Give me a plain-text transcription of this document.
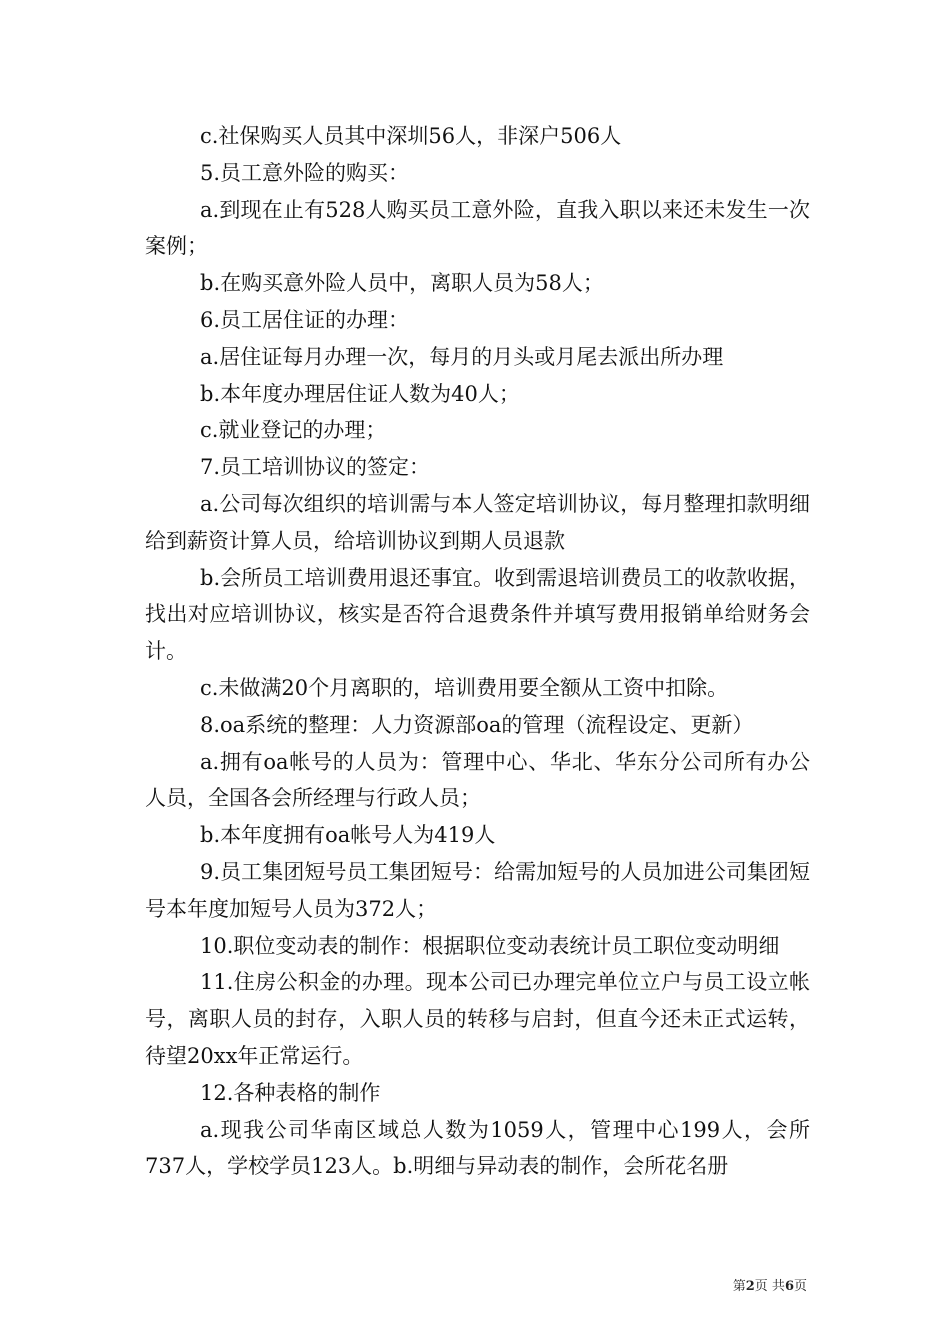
c.社保购买人员其中深圳56人，非深户506人

5.员工意外险的购买：

a.到现在止有528人购买员工意外险，直我入职以来还未发生一次案例；

b.在购买意外险人员中，离职人员为58人；

6.员工居住证的办理：

a.居住证每月办理一次，每月的月头或月尾去派出所办理

b.本年度办理居住证人数为40人；

c.就业登记的办理；

7.员工培训协议的签定：

a.公司每次组织的培训需与本人签定培训协议，每月整理扣款明细给到薪资计算人员，给培训协议到期人员退款

b.会所员工培训费用退还事宜。收到需退培训费员工的收款收据，找出对应培训协议，核实是否符合退费条件并填写费用报销单给财务会计。

c.未做满20个月离职的，培训费用要全额从工资中扣除。

8.oa系统的整理：人力资源部oa的管理（流程设定、更新）

a.拥有oa帐号的人员为：管理中心、华北、华东分公司所有办公人员，全国各会所经理与行政人员；

b.本年度拥有oa帐号人为419人

9.员工集团短号员工集团短号：给需加短号的人员加进公司集团短号本年度加短号人员为372人；

10.职位变动表的制作：根据职位变动表统计员工职位变动明细

11.住房公积金的办理。现本公司已办理完单位立户与员工设立帐号，离职人员的封存，入职人员的转移与启封，但直今还未正式运转，待望20xx年正常运行。

12.各种表格的制作

a.现我公司华南区域总人数为1059人，管理中心199人，会所737人，学校学员123人。b.明细与异动表的制作，会所花名册

第2页 共6页
